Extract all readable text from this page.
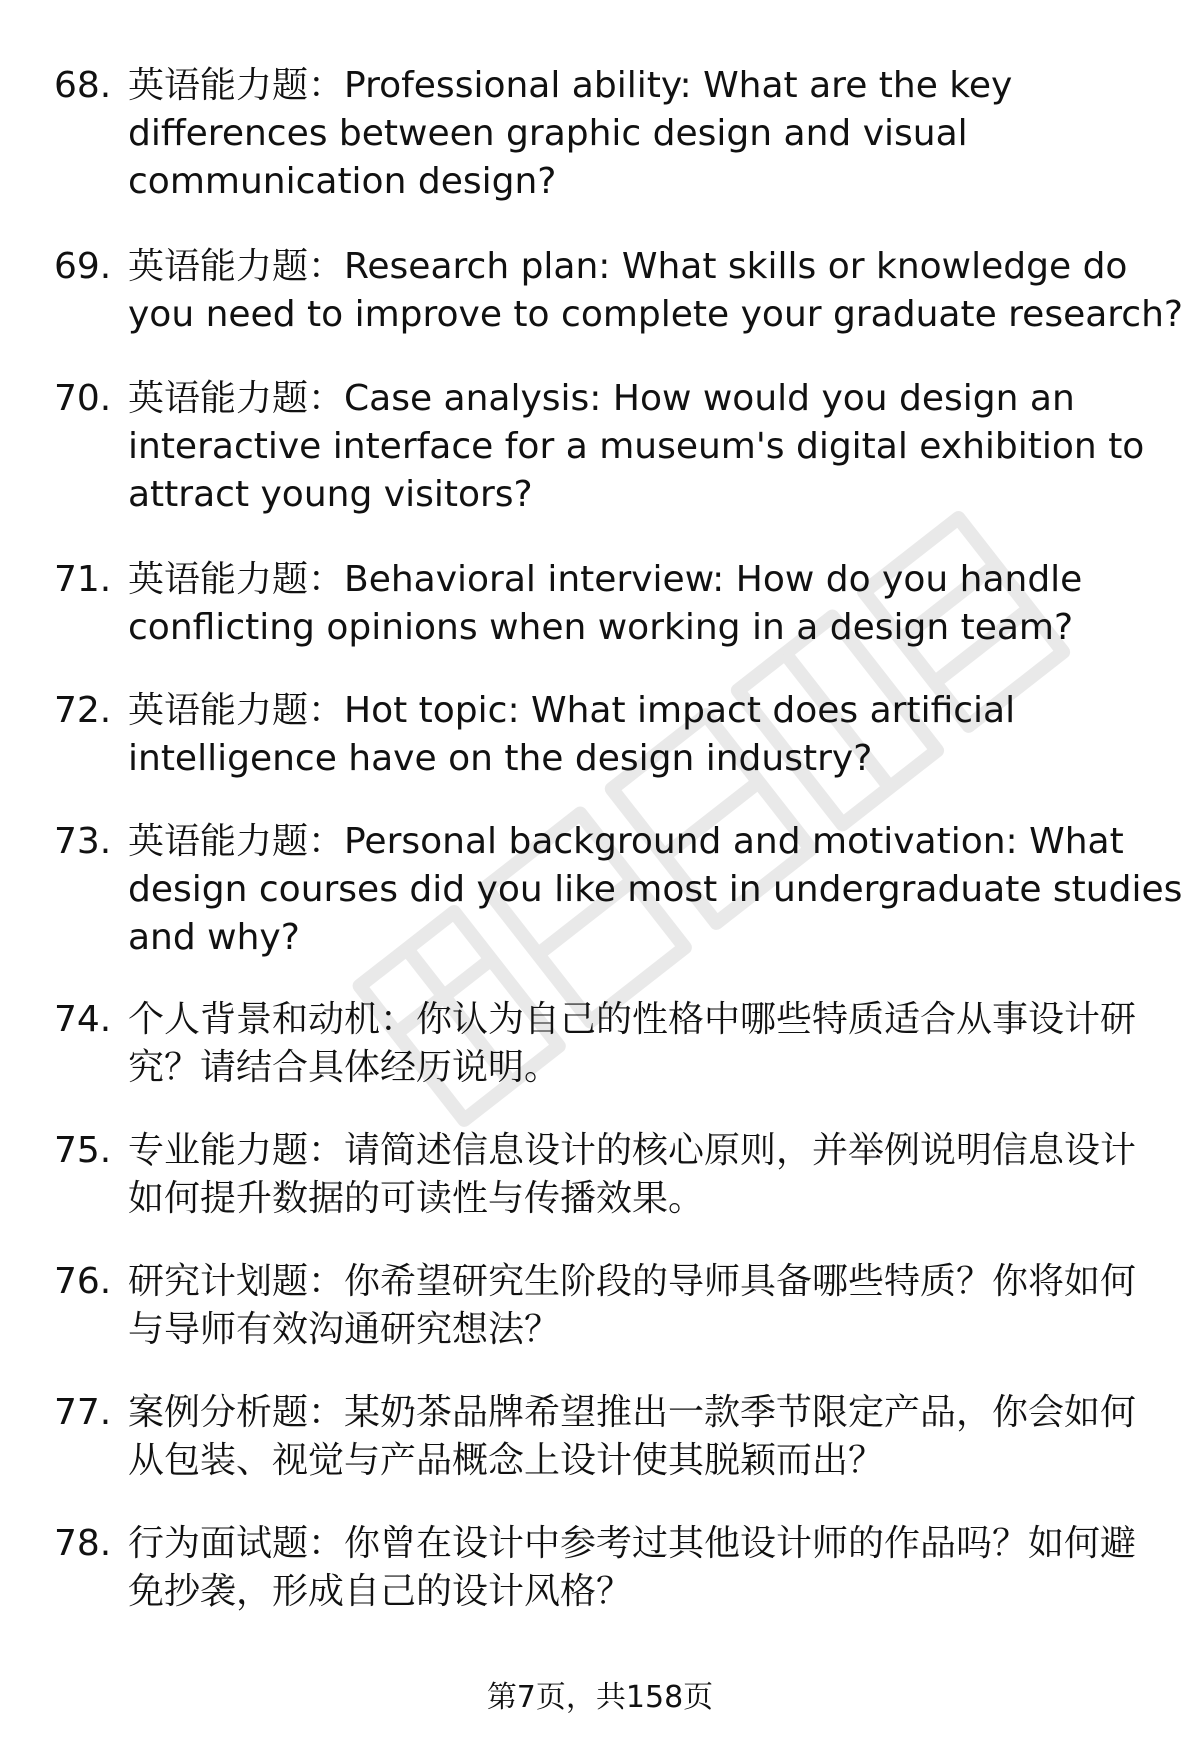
68. 英语能力题：Professional ability: What are the key
differences between graphic design and visual
communication design?
69. 英语能力题：Research plan: What skills or knowledge do
you need to improve to complete your graduate research?
70. 英语能力题：Case analysis: How would you design an
interactive interface for a museum's digital exhibition to
attract young visitors?
71. 英语能力题：Behavioral interview: How do you handle
conflicting opinions when working in a design team?
72. 英语能力题：Hot topic: What impact does artificial
intelligence have on the design industry?
73. 英语能力题：Personal background and motivation: What
design courses did you like most in undergraduate studies
and why?
74. 个人背景和动机：你认为自己的性格中哪些特质适合从事设计研
究？请结合具体经历说明。
75. 专业能力题：请简述信息设计的核心原则，并举例说明信息设计
如何提升数据的可读性与传播效果。
76. 研究计划题：你希望研究生阶段的导师具备哪些特质？你将如何
与导师有效沟通研究想法？
77. 案例分析题：某奶茶品牌希望推出一款季节限定产品，你会如何
从包装、视觉与产品概念上设计使其脱颖而出？
78. 行为面试题：你曾在设计中参考过其他设计师的作品吗？如何避
免抄袭，形成自己的设计风格？
第7页，共158页
